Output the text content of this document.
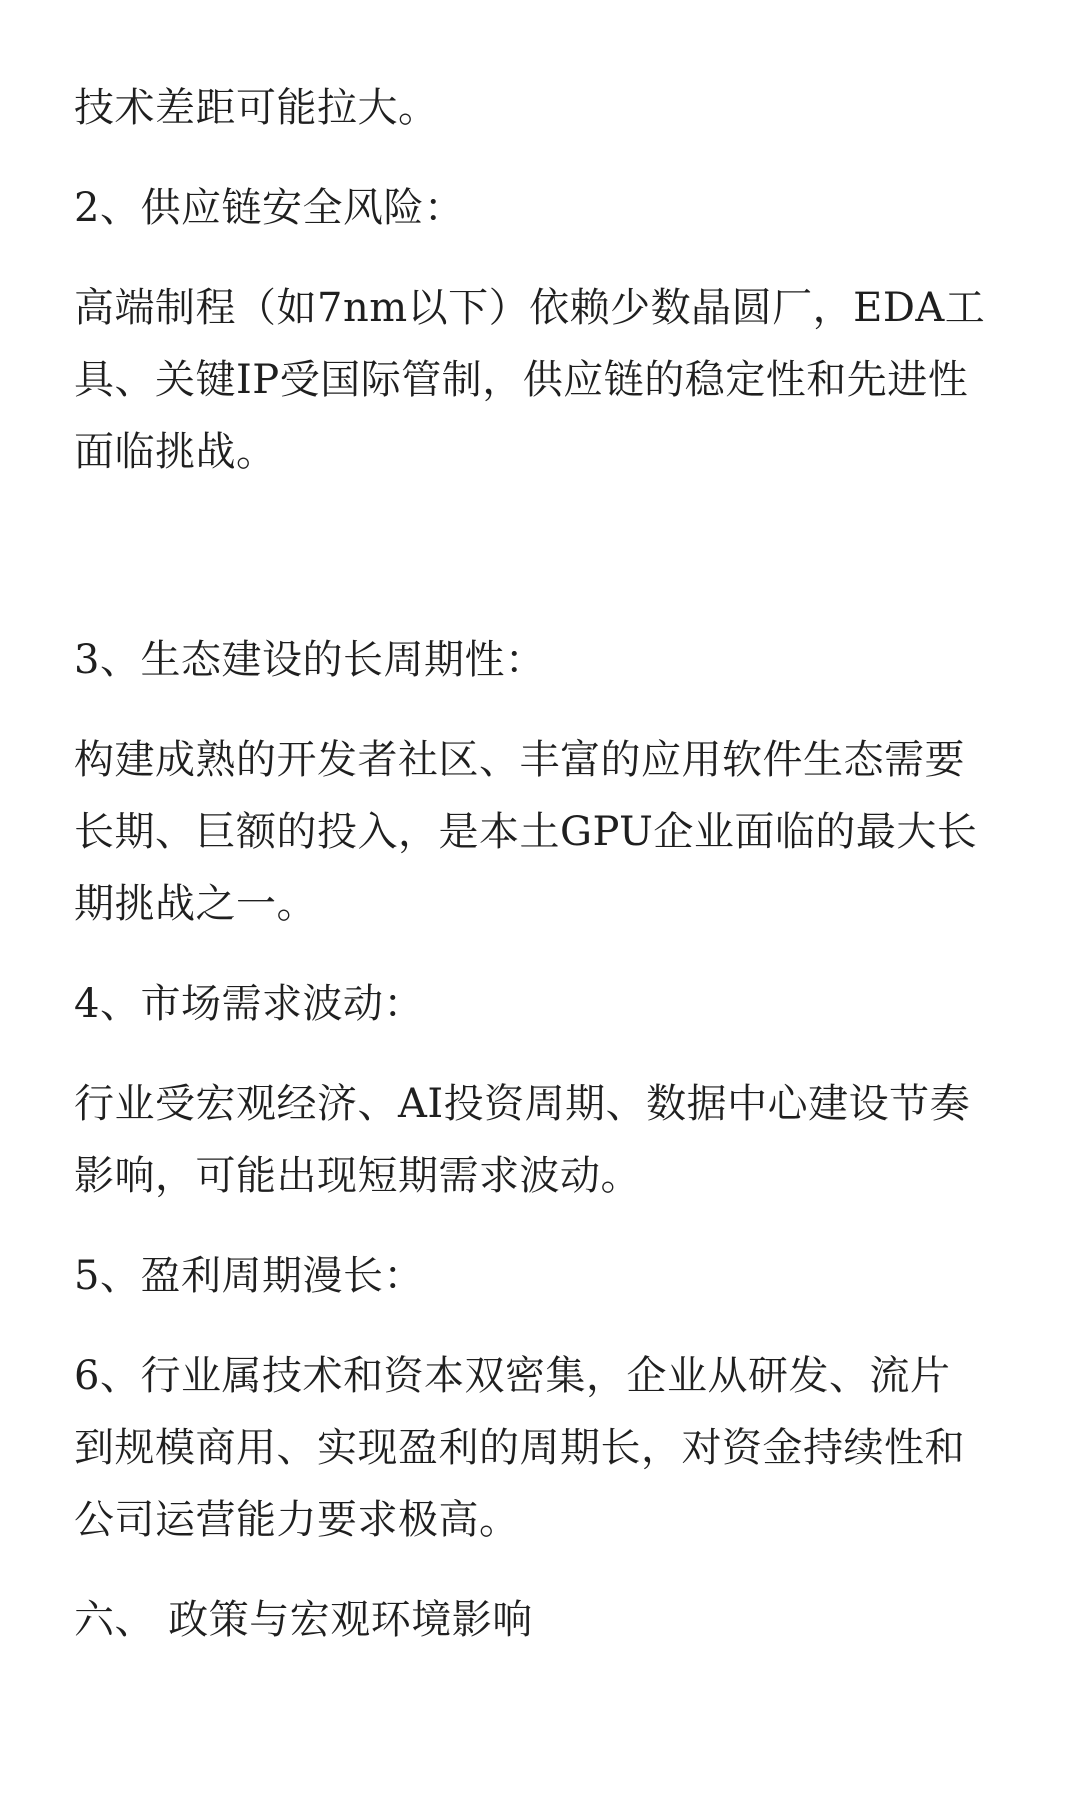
技术差距可能拉大。
2、供应链安全风险：
高端制程（如7nm以下）依赖少数晶圆厂，EDA工
具、关键IP受国际管制，供应链的稳定性和先进性
面临挑战。
3、生态建设的长周期性：
构建成熟的开发者社区、丰富的应用软件生态需要
长期、巨额的投入，是本土GPU企业面临的最大长
期挑战之一。
4、市场需求波动：
行业受宏观经济、AI投资周期、数据中心建设节奏
影响，可能出现短期需求波动。
5、盈利周期漫长：
6、行业属技术和资本双密集，企业从研发、流片
到规模商用、实现盈利的周期长，对资金持续性和
公司运营能力要求极高。
六、 政策与宏观环境影响
